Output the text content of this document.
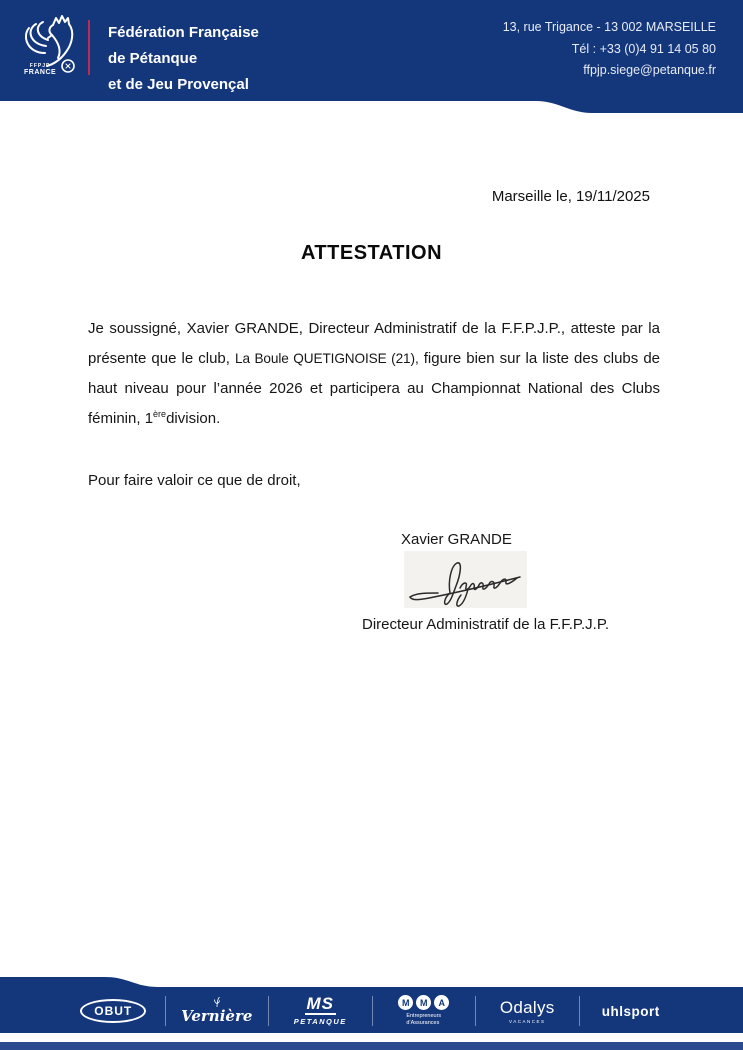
FFPJP
FRANCE
Fédération Française
de Pétanque
et de Jeu Provençal
13, rue Trigance - 13 002 MARSEILLE
Tél : +33 (0)4 91 14 05 80
ffpjp.siege@petanque.fr
Marseille le, 19/11/2025
ATTESTATION

Je soussigné, Xavier GRANDE, Directeur Administratif de la F.F.P.J.P., atteste par la présente que le club, La Boule QUETIGNOISE (21), figure bien sur la liste des clubs de haut niveau pour l’année 2026 et participera au Championnat National des Clubs féminin, 1èredivision.

Pour faire valoir ce que de droit,
Xavier GRANDE
Directeur Administratif de la F.F.P.J.P.
OBUT	Vernière
MS
PETANQUE
M	M	A
Entrepreneurs
d’Assurances
Odalys
VACANCES
uhlsport
